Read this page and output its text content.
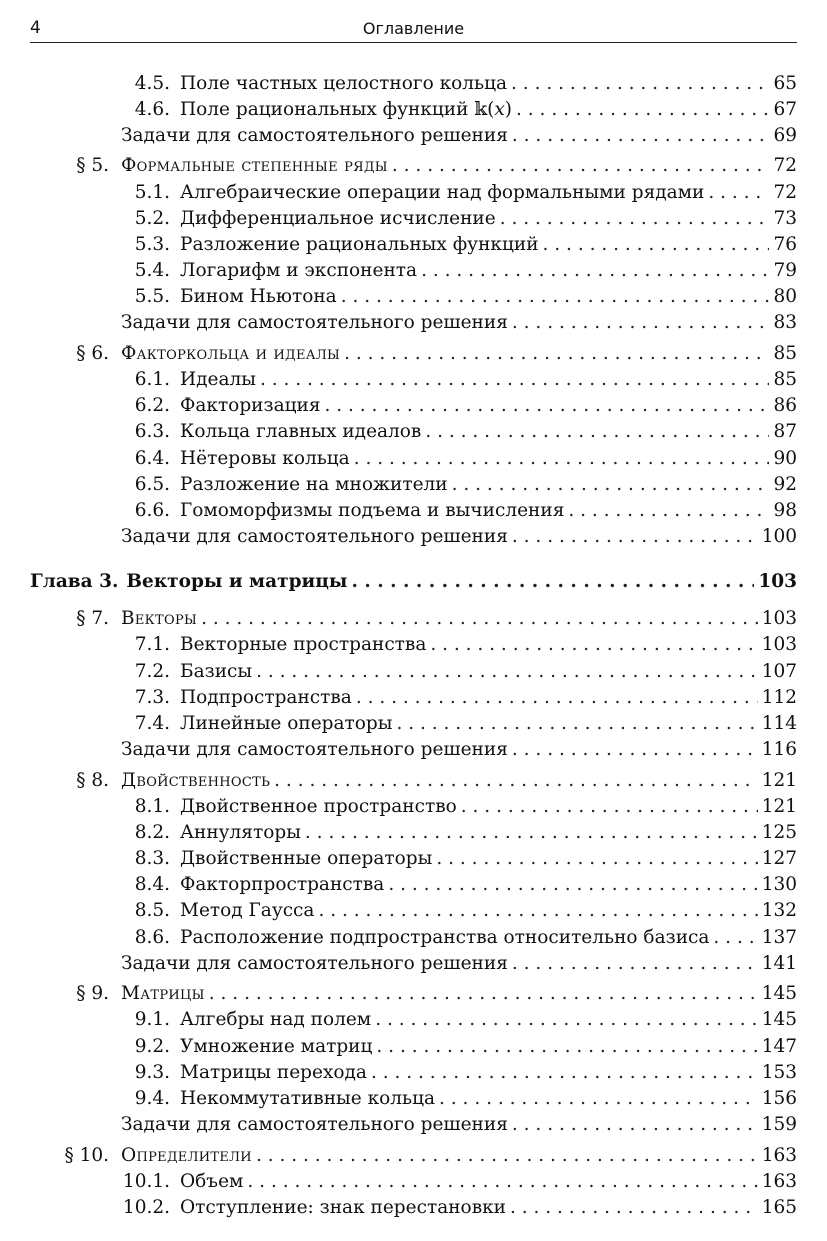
4	Оглавление
4.5. Поле частных целостного кольца . . .	65
4.6. Поле рациональных функций 𝕜(𝑥) . . .	67
Задачи для самостоятельного решения . . .	69
§ 5. Формальные степенные ряды . . .	72
5.1. Алгебраические операции над формальными рядами . . .	72
5.2. Дифференциальное исчисление . . .	73
5.3. Разложение рациональных функций . . .	76
5.4. Логарифм и экспонента . . .	79
5.5. Бином Ньютона . . .	80
Задачи для самостоятельного решения . . .	83
§ 6. Факторкольца и идеалы . . .	85
6.1. Идеалы . . .	85
6.2. Факторизация . . .	86
6.3. Кольца главных идеалов . . .	87
6.4. Нётеровы кольца . . .	90
6.5. Разложение на множители . . .	92
6.6. Гомоморфизмы подъема и вычисления . . .	98
Задачи для самостоятельного решения . . .	100
Глава 3. Векторы и матрицы . . .	103
§ 7. Векторы . . .	103
7.1. Векторные пространства . . .	103
7.2. Базисы . . .	107
7.3. Подпространства . . .	112
7.4. Линейные операторы . . .	114
Задачи для самостоятельного решения . . .	116
§ 8. Двойственность . . .	121
8.1. Двойственное пространство . . .	121
8.2. Аннуляторы . . .	125
8.3. Двойственные операторы . . .	127
8.4. Факторпространства . . .	130
8.5. Метод Гаусса . . .	132
8.6. Расположение подпространства относительно базиса . . .	137
Задачи для самостоятельного решения . . .	141
§ 9. Матрицы . . .	145
9.1. Алгебры над полем . . .	145
9.2. Умножение матриц . . .	147
9.3. Матрицы перехода . . .	153
9.4. Некоммутативные кольца . . .	156
Задачи для самостоятельного решения . . .	159
§ 10. Определители . . .	163
10.1. Объем . . .	163
10.2. Отступление: знак перестановки . . .	165
